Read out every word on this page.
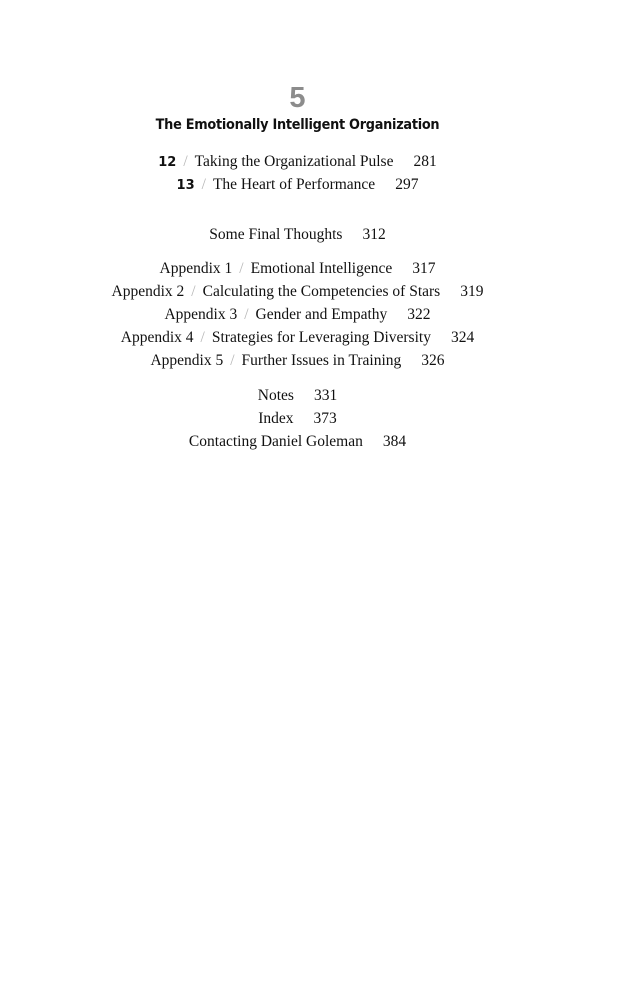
5
The Emotionally Intelligent Organization
12 / Taking the Organizational Pulse 281
13 / The Heart of Performance 297
Some Final Thoughts 312
Appendix 1 / Emotional Intelligence 317
Appendix 2 / Calculating the Competencies of Stars 319
Appendix 3 / Gender and Empathy 322
Appendix 4 / Strategies for Leveraging Diversity 324
Appendix 5 / Further Issues in Training 326
Notes 331
Index 373
Contacting Daniel Goleman 384
